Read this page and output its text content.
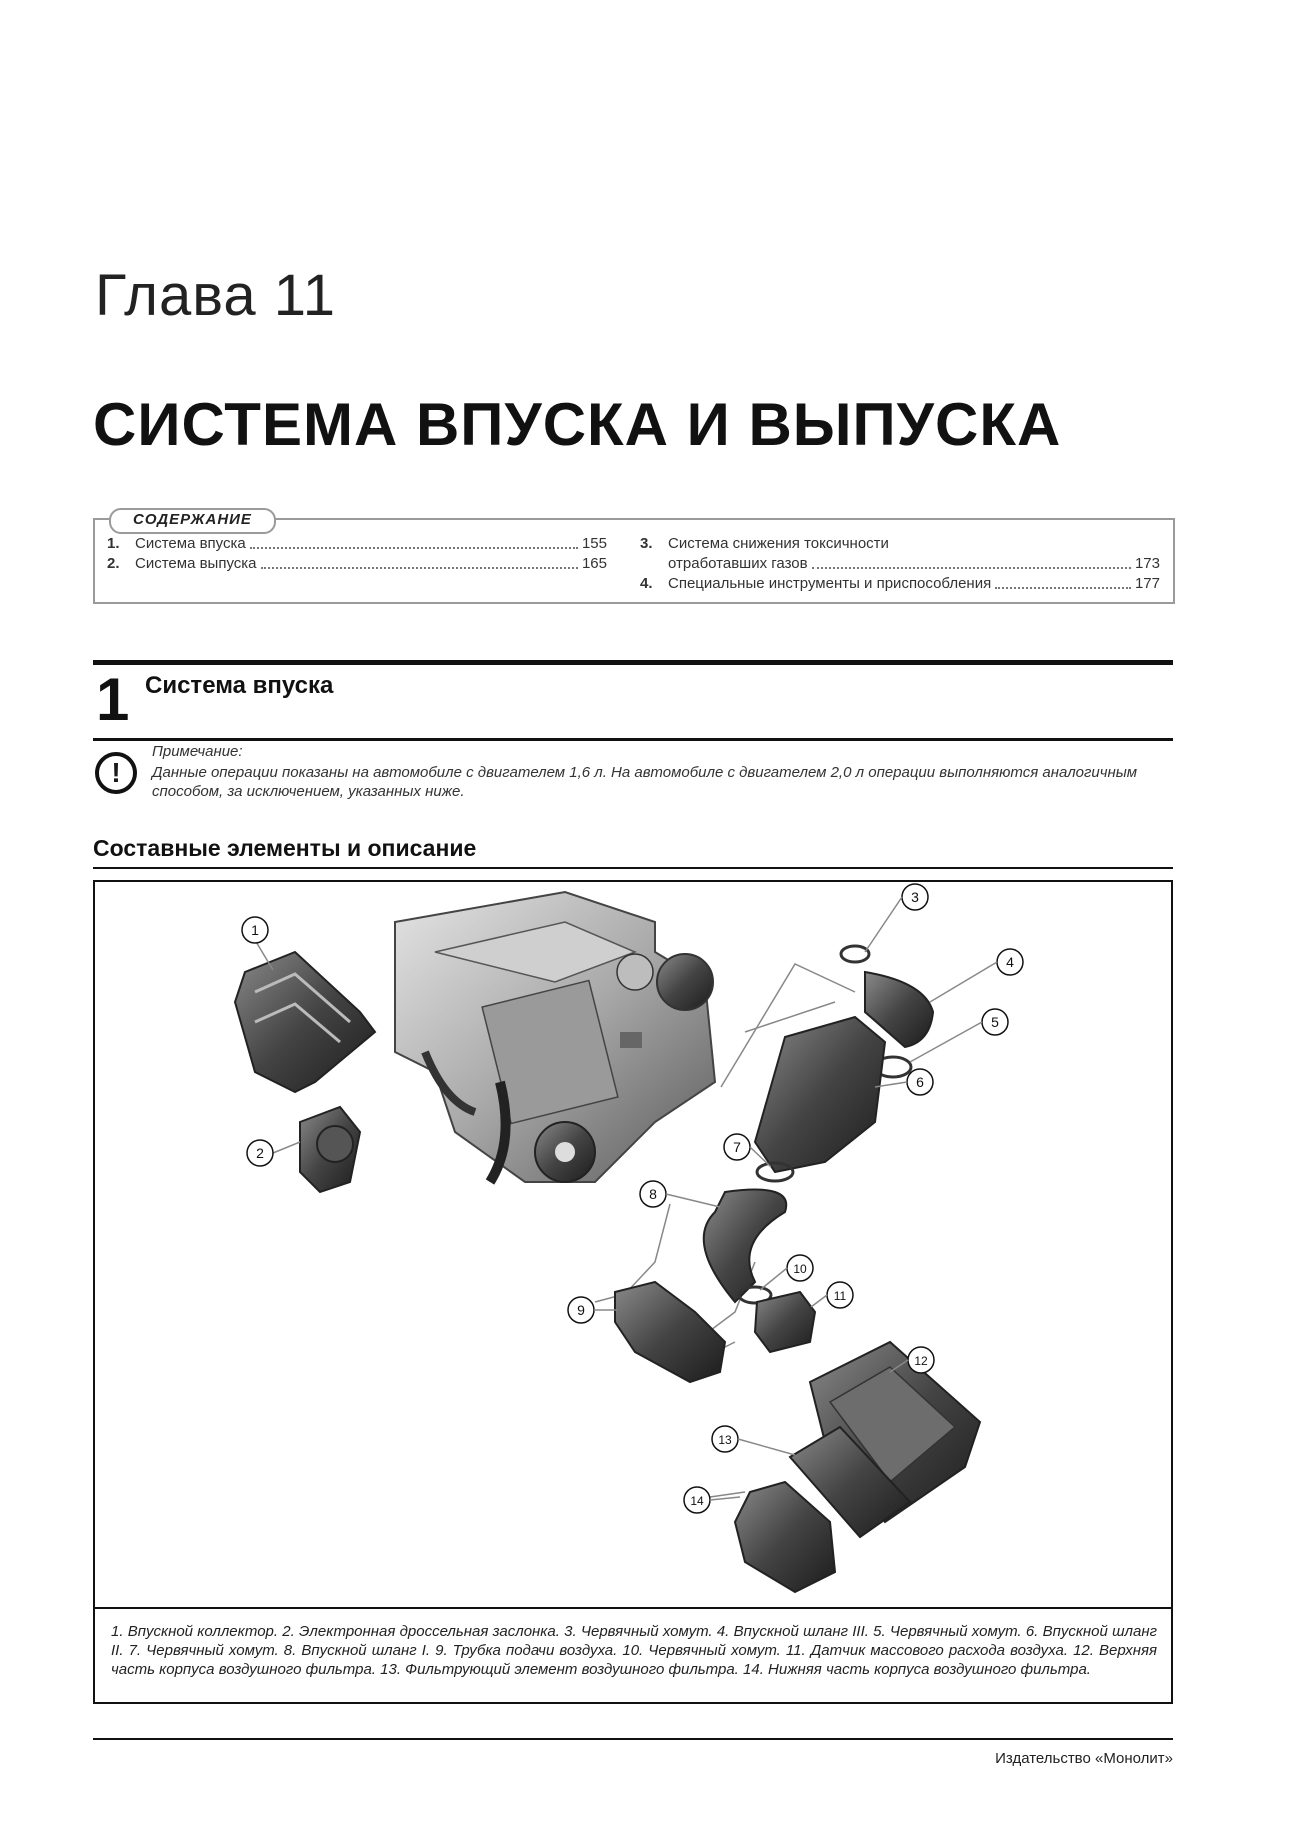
Глава 11
СИСТЕМА ВПУСКА И ВЫПУСКА
СОДЕРЖАНИЕ
1.	Система впуска	155
2.	Система выпуска	165
3.	Система снижения токсичности
отработавших газов	173
4.	Специальные инструменты и приспособления	177
1 Система впуска
!
Примечание:
Данные операции показаны на автомобиле с двигателем 1,6 л. На автомобиле с двигателем 2,0 л операции выполняются аналогичным способом, за исключением, указанных ниже.
Составные элементы и описание
1
2
3
4
5
6
7
8
9
10
11
12
13
14
1. Впускной коллектор. 2. Электронная дроссельная заслонка. 3. Червячный хомут. 4. Впускной шланг III. 5. Червячный хомут. 6. Впускной шланг II. 7. Червячный хомут. 8. Впускной шланг I. 9. Трубка подачи воздуха. 10. Червячный хомут. 11. Датчик массового расхода воздуха. 12. Верхняя часть корпуса воздушного фильтра. 13. Фильтрующий элемент воздушного фильтра. 14. Нижняя часть корпуса воздушного фильтра.
Издательство «Монолит»
